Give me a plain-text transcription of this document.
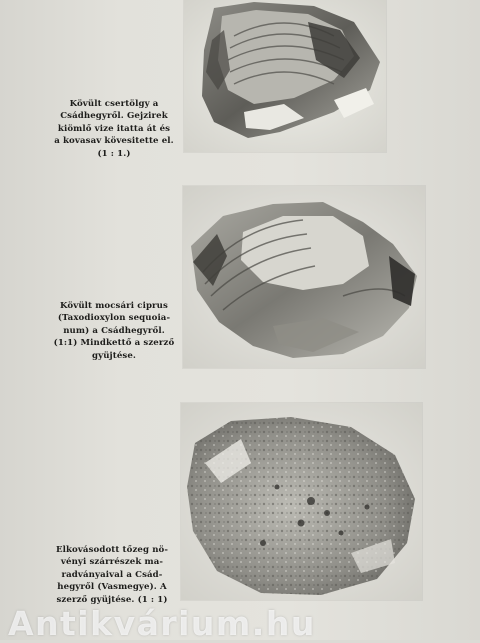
Kövült csertölgy a
Csádhegyről. Gejzirek
kiömlő vize itatta át és
a kovasav kövesitette el.
(1 : 1.)
Kövült mocsári ciprus
(Taxodioxylon sequoia-
num) a Csádhegyről.
(1:1) Mindkettő a szerző
gyüjtése.
Elkovásodott tőzeg nö-
vényi szárrészek ma-
radványaival a Csád-
hegyről (Vasmegye). A
szerző gyüjtése. (1 : 1)
Antikvárium.hu
